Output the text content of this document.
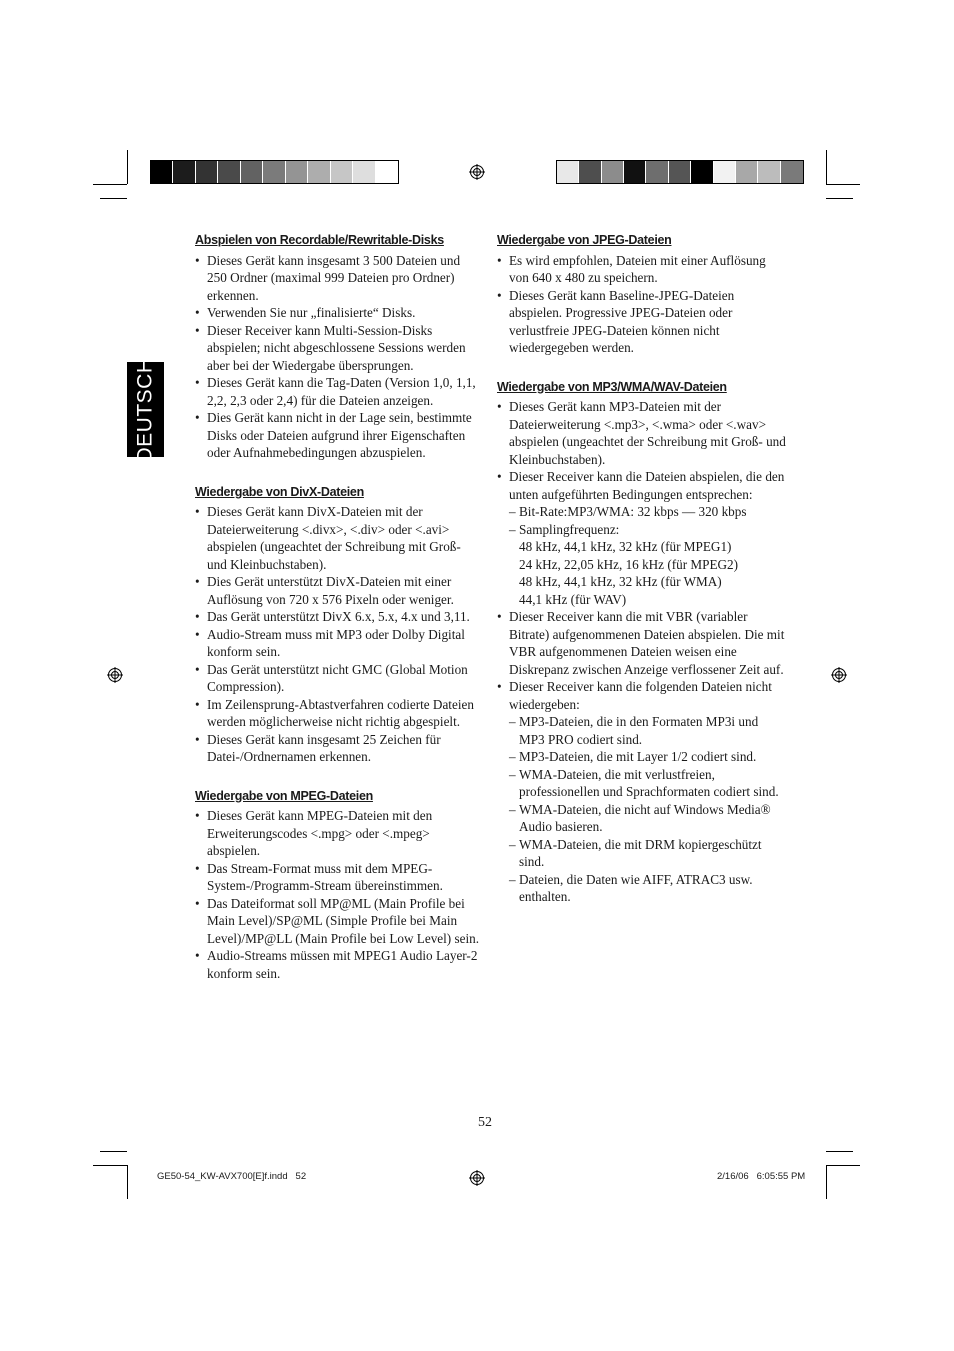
DEUTSCH
Abspielen von Recordable/Rewritable-Disks
• Dieses Gerät kann insgesamt 3 500 Dateien und 250 Ordner (maximal 999 Dateien pro Ordner) erkennen.
• Verwenden Sie nur „finalisierte“ Disks.
• Dieser Receiver kann Multi-Session-Disks abspielen; nicht abgeschlossene Sessions werden aber bei der Wiedergabe übersprungen.
• Dieses Gerät kann die Tag-Daten (Version 1,0, 1,1, 2,2, 2,3 oder 2,4) für die Dateien anzeigen.
• Dies Gerät kann nicht in der Lage sein, bestimmte Disks oder Dateien aufgrund ihrer Eigenschaften oder Aufnahmebedingungen abzuspielen.
Wiedergabe von DivX-Dateien
• Dieses Gerät kann DivX-Dateien mit der Dateierweiterung <.divx>, <.div> oder <.avi> abspielen (ungeachtet der Schreibung mit Groß- und Kleinbuchstaben).
• Dies Gerät unterstützt DivX-Dateien mit einer Auflösung von 720 x 576 Pixeln oder weniger.
• Das Gerät unterstützt DivX 6.x, 5.x, 4.x und 3,11.
• Audio-Stream muss mit MP3 oder Dolby Digital konform sein.
• Das Gerät unterstützt nicht GMC (Global Motion Compression).
• Im Zeilensprung-Abtastverfahren codierte Dateien werden möglicherweise nicht richtig abgespielt.
• Dieses Gerät kann insgesamt 25 Zeichen für Datei-/Ordnernamen erkennen.
Wiedergabe von MPEG-Dateien
• Dieses Gerät kann MPEG-Dateien mit den Erweiterungscodes <.mpg> oder <.mpeg> abspielen.
• Das Stream-Format muss mit dem MPEG-System-/Programm-Stream übereinstimmen.
• Das Dateiformat soll MP@ML (Main Profile bei Main Level)/SP@ML (Simple Profile bei Main Level)/MP@LL (Main Profile bei Low Level) sein.
• Audio-Streams müssen mit MPEG1 Audio Layer-2 konform sein.
Wiedergabe von JPEG-Dateien
• Es wird empfohlen, Dateien mit einer Auflösung von 640 x 480 zu speichern.
• Dieses Gerät kann Baseline-JPEG-Dateien abspielen. Progressive JPEG-Dateien oder verlustfreie JPEG-Dateien können nicht wiedergegeben werden.
Wiedergabe von MP3/WMA/WAV-Dateien
• Dieses Gerät kann MP3-Dateien mit der Dateierweiterung <.mp3>, <.wma> oder <.wav> abspielen (ungeachtet der Schreibung mit Groß- und Kleinbuchstaben).
• Dieser Receiver kann die Dateien abspielen, die den unten aufgeführten Bedingungen entsprechen:
– Bit-Rate:MP3/WMA: 32 kbps — 320 kbps
– Samplingfrequenz:
48 kHz, 44,1 kHz, 32 kHz (für MPEG1)
24 kHz, 22,05 kHz, 16 kHz (für MPEG2)
48 kHz, 44,1 kHz, 32 kHz (für WMA)
44,1 kHz (für WAV)
• Dieser Receiver kann die mit VBR (variabler Bitrate) aufgenommenen Dateien abspielen. Die mit VBR aufgenommenen Dateien weisen eine Diskrepanz zwischen Anzeige verflossener Zeit auf.
• Dieser Receiver kann die folgenden Dateien nicht wiedergeben:
– MP3-Dateien, die in den Formaten MP3i und MP3 PRO codiert sind.
– MP3-Dateien, die mit Layer 1/2 codiert sind.
– WMA-Dateien, die mit verlustfreien, professionellen und Sprachformaten codiert sind.
– WMA-Dateien, die nicht auf Windows Media® Audio basieren.
– WMA-Dateien, die mit DRM kopiergeschützt sind.
– Dateien, die Daten wie AIFF, ATRAC3 usw. enthalten.
52
GE50-54_KW-AVX700[E]f.indd   52	2/16/06   6:05:55 PM
